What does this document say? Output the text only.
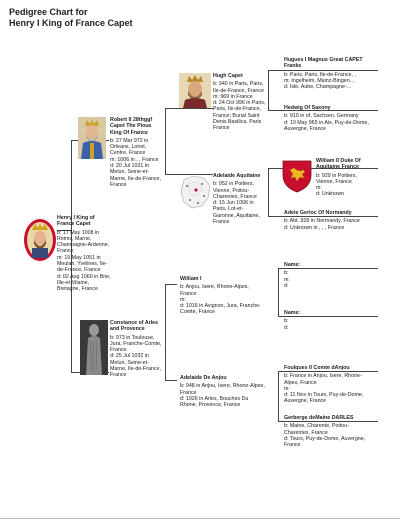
Pedigree Chart for
Henry I King of France Capet
Henry I King of
France Capet
b: 17 May 1008 in
Reims, Marne,
Champagne-Ardenne,
France
m: 19 May 1051 in
Meulan, Yvelines, Ile-
de-France, France
d: 02 Aug 1060 in Brie,
Ille-et-Vilaine,
Bretagne, France
Robert II 28thggf
Capet The Pious
King Of France
b: 27 Mar 972 in
Orleans, Loiret,
Centre, France
m: 1006 in , , France
d: 20 Jul 1031 in
Melun, Seine-et-
Marne, Ile-de-France,
France
Constance of Arles
and Provence
b: 973 in Toulouse,
Jura, Franche-Comte,
France
d: 25 Jul 1032 in
Melun, Seine-et-
Marne, Ile-de-France,
France
Hugh Capet
b: 940 in Paris, Paris,
Ile-de-France, France
m: 969 in France
d: 24 Oct 996 in Paris,
Paris, Ile-de-France,
France; Burial Saint
Denis Basilica, Paris
France
Adelaide Aquitaine
b: 952 in Poitiers,
Vienne, Poitou-
Charentes, France
d: 15 Jun 1006 in
Paris, Lot-et-
Garonne, Aquitaine,
France
William I
b: Anjou, Isere, Rhone-Alpes,
France
m:
d: 1016 in Avignon, Jura, Franche-
Comte, France
Adelaide De Anjou
b: 948 in Anjou, Isere, Rhone-Alpes,
France
d: 1026 in Arles, Bouches Du
Rhone, Provence, France
Hugues I Magnus Great CAPET
Franks
b: Paris, Paris, Ile-de-France, ,
m: Ingelheim, Mainz-Bingen, ,
d: Isle, Aube, Champagne-...
Hedwig Of Saxony
b: 910 in of, Sachsen, Germany
d: 10 May 965 in Aix, Puy-de-Dome,
Auvergne, France
William II Duke Of
Aquitaine France
b: 929 in Poitiers,
Vienne, France
m:
d: Unknown
Adele Gerloc Of Normandy
b: Abt. 928 in Normandy, France
d: Unknown in , , , France
Name:
b:
m:
d:
Name:
b:
d:
Foulques II Comte dAnjou
b: France in Anjou, Isere, Rhone-
Alpes, France
m:
d: 11 Nov in Tours, Puy-de-Dome,
Auvergne, France
Gerberge deMaine DARLES
b: Maine, Charente, Poitou-
Charentes, France
d: Tours, Puy-de-Dome, Auvergne,
France
